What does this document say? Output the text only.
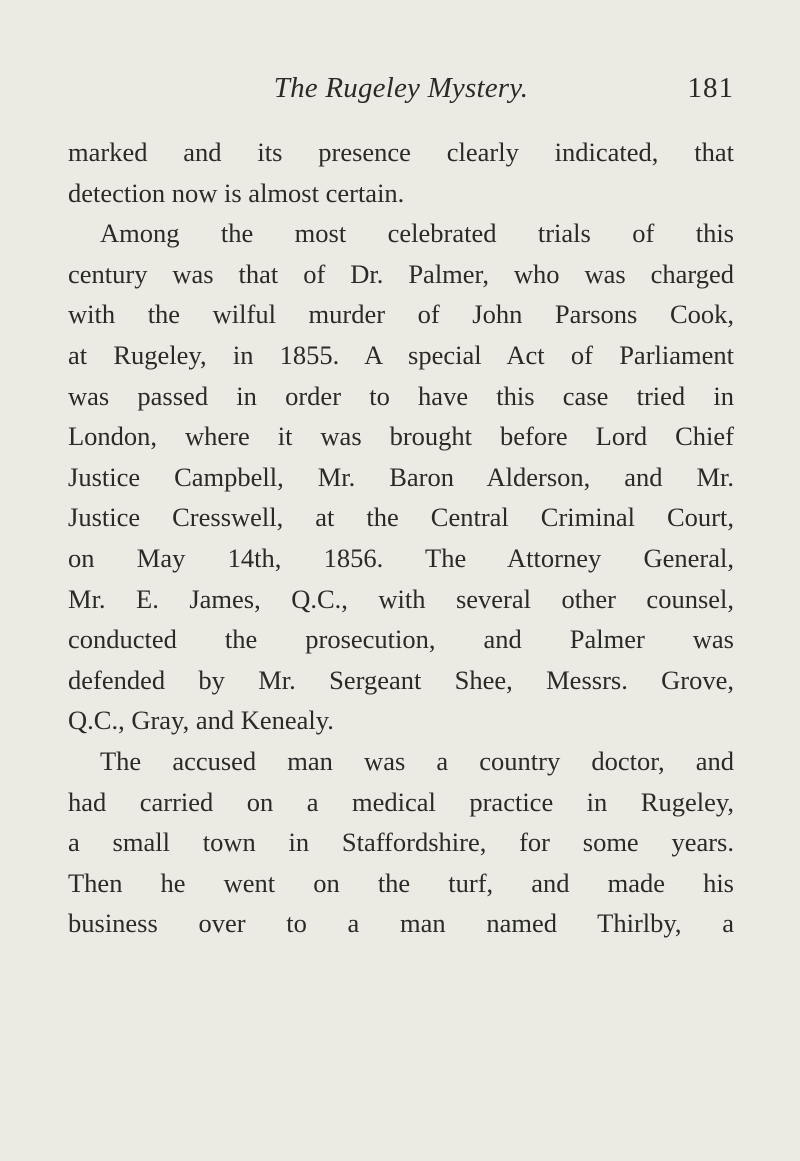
The Rugeley Mystery.	181

marked and its presence clearly indicated, that

detection now is almost certain.

Among the most celebrated trials of this

century was that of Dr. Palmer, who was charged

with the wilful murder of John Parsons Cook,

at Rugeley, in 1855. A special Act of Parliament

was passed in order to have this case tried in

London, where it was brought before Lord Chief

Justice Campbell, Mr. Baron Alderson, and Mr.

Justice Cresswell, at the Central Criminal Court,

on May 14th, 1856. The Attorney General,

Mr. E. James, Q.C., with several other counsel,

conducted the prosecution, and Palmer was

defended by Mr. Sergeant Shee, Messrs. Grove,

Q.C., Gray, and Kenealy.

The accused man was a country doctor, and

had carried on a medical practice in Rugeley,

a small town in Staffordshire, for some years.

Then he went on the turf, and made his

business over to a man named Thirlby, a
